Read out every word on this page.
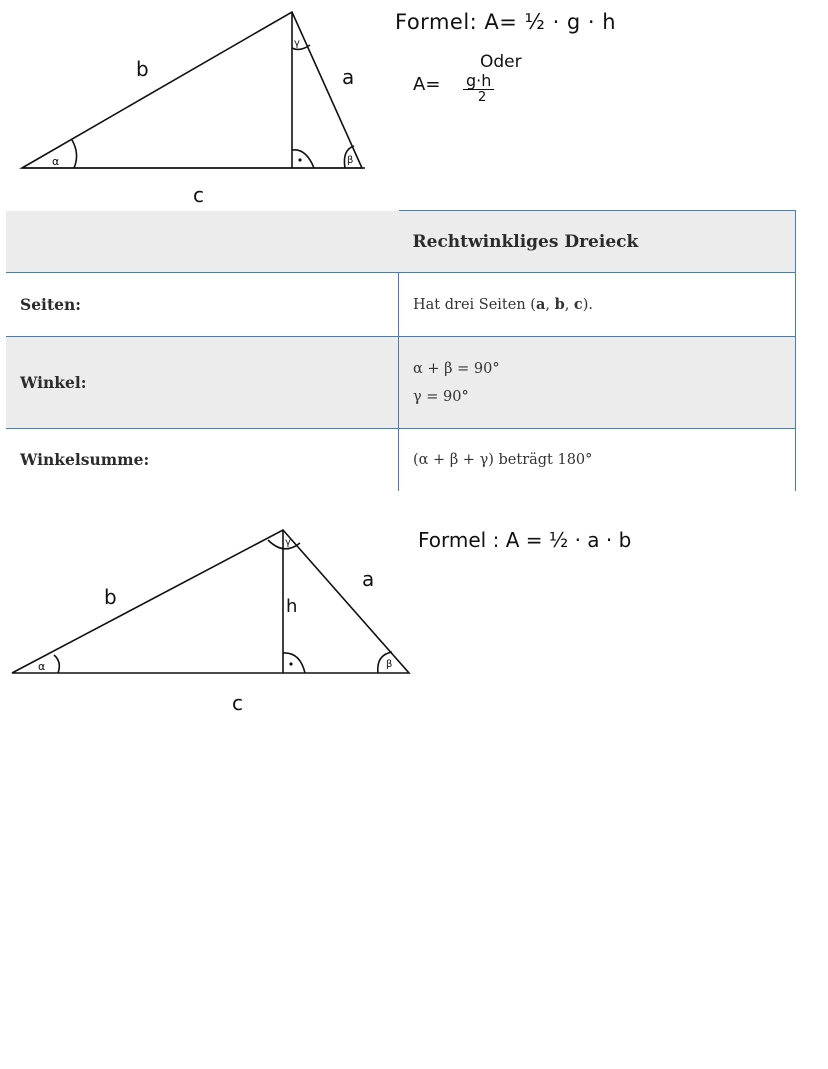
b	a
c
α	β
γ
Formel: A= ½ · g · h
Oder
A= g·h
2
	Rechtwinkliges Dreieck
Seiten:	Hat drei Seiten (a, b, c).
Winkel:	α + β = 90°
γ = 90°

Winkelsumme:	(α + β + γ) beträgt 180°
b
a
c
h
α	β
γ	Formel : A = ½ · a · b
